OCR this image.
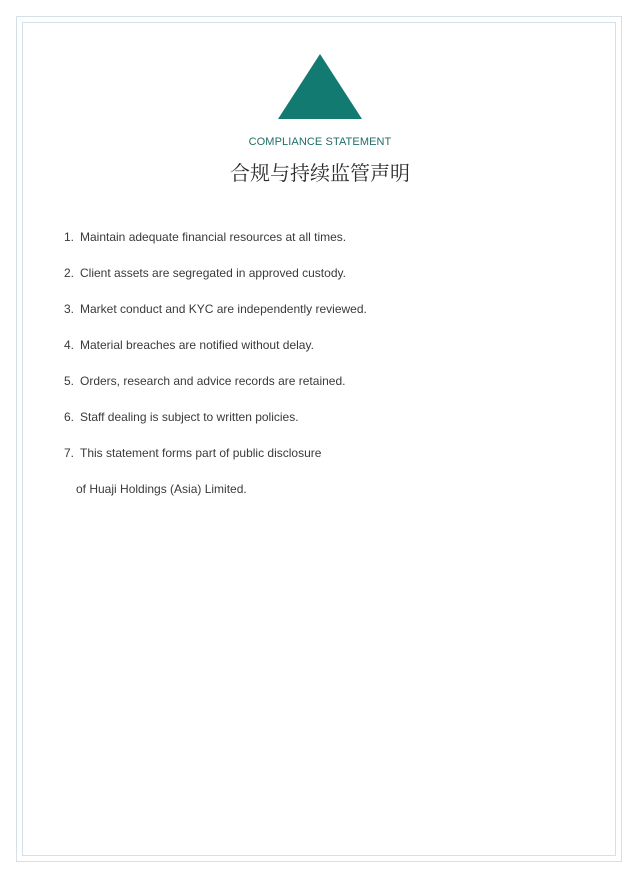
COMPLIANCE STATEMENT
合规与持续监管声明
1. Maintain adequate financial resources at all times.
2. Client assets are segregated in approved custody.
3. Market conduct and KYC are independently reviewed.
4. Material breaches are notified without delay.
5. Orders, research and advice records are retained.
6. Staff dealing is subject to written policies.
7. This statement forms part of public disclosure
of Huaji Holdings (Asia) Limited.
